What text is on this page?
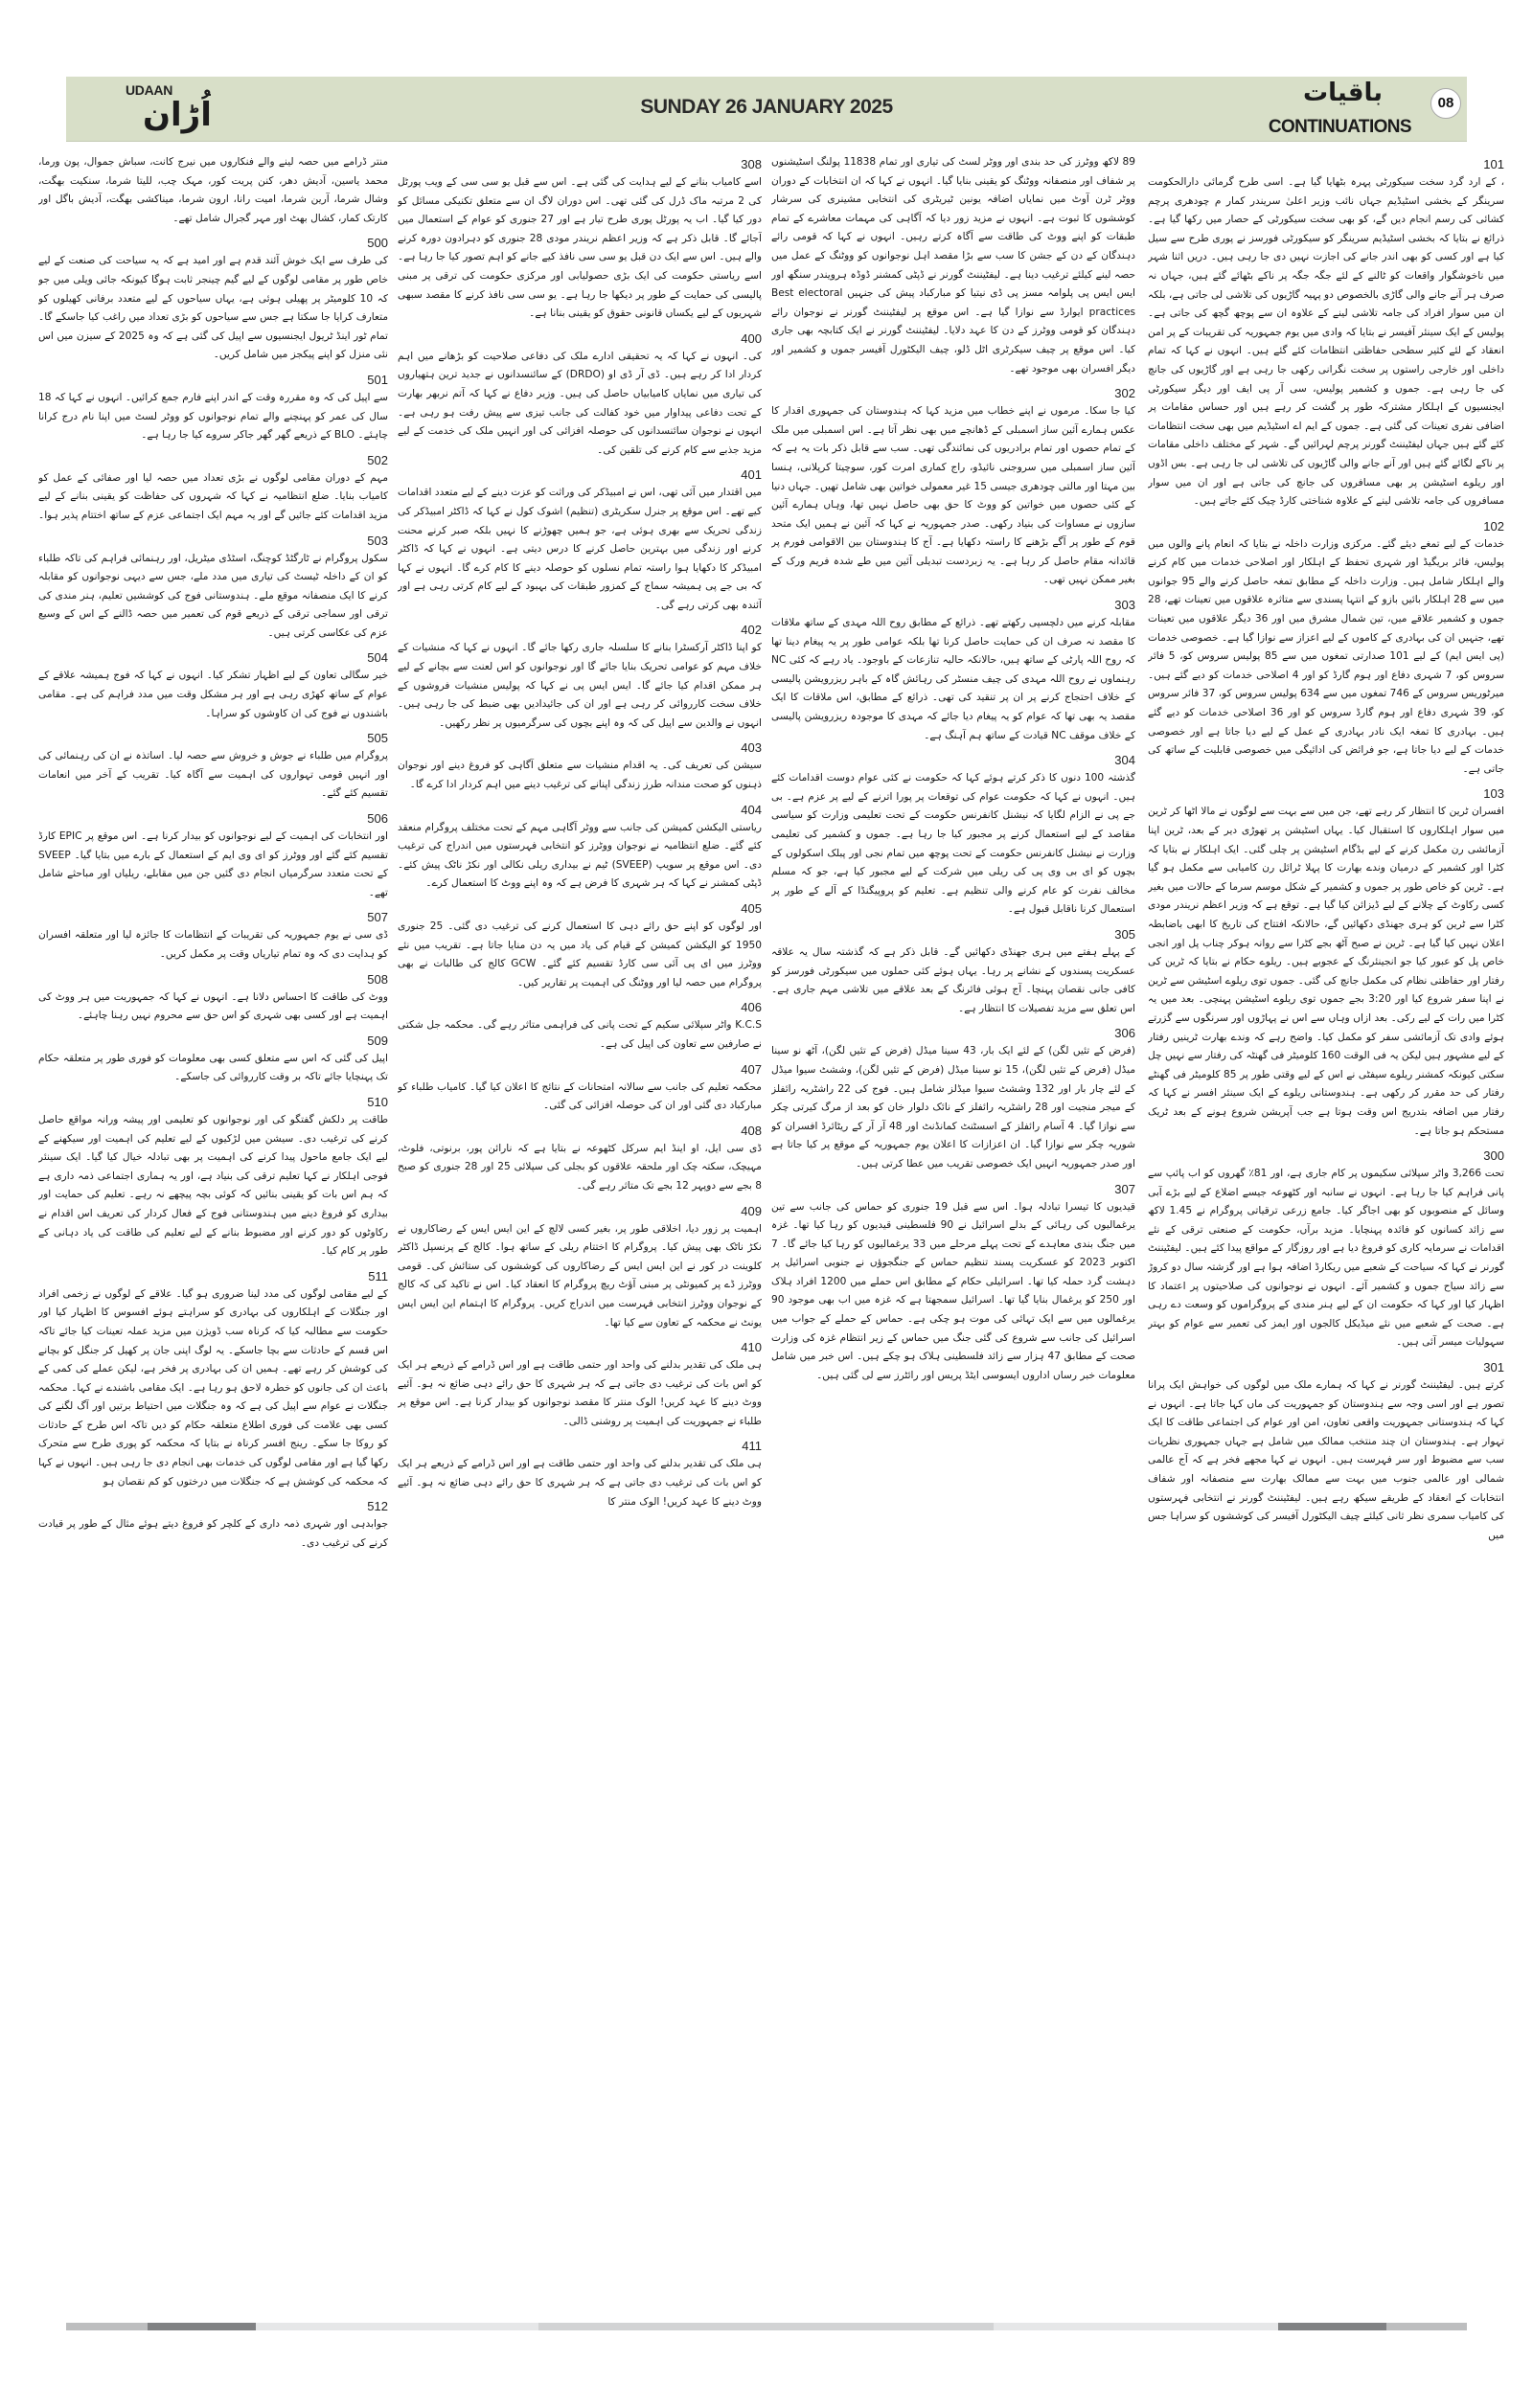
UDAAN
اُڑان	SUNDAY 26 JANUARY 2025	باقیات
CONTINUATIONS
08
101

، کے ارد گرد سخت سیکورٹی پہرہ بٹھایا گیا ہے۔ اسی طرح گرمائی دارالحکومت سرینگر کے بخشی اسٹیڈیم جہاں نائب وزیر اعلیٰ سریندر کمار م چودھری پرچم کشائی کی رسم انجام دیں گے، کو بھی سخت سیکورٹی کے حصار میں رکھا گیا ہے۔ ذرائع نے بتایا کہ بخشی اسٹیڈیم سرینگر کو سیکورٹی فورسز نے پوری طرح سے سیل کیا ہے اور کسی کو بھی اندر جانے کی اجازت نہیں دی جا رہی ہیں۔ دریں اثنا شہر میں ناخوشگوار واقعات کو ٹالنے کے لئے جگہ جگہ پر ناکے بٹھائے گئے ہیں، جہاں نہ صرف ہر آنے جانے والی گاڑی بالخصوص دو پہیہ گاڑیوں کی تلاشی لی جاتی ہے، بلکہ ان میں سوار افراد کی جامہ تلاشی لینے کے علاوہ ان سے پوچھ گچھ کی جاتی ہے۔ پولیس کے ایک سینئر آفیسر نے بتایا کہ وادی میں یوم جمہوریہ کی تقریبات کے پر امن انعقاد کے لئے کثیر سطحی حفاظتی انتظامات کئے گئے ہیں۔ انہوں نے کہا کہ تمام داخلی اور خارجی راستوں پر سخت نگرانی رکھی جا رہی ہے اور گاڑیوں کی جانچ کی جا رہی ہے۔ جموں و کشمیر پولیس، سی آر پی ایف اور دیگر سیکورٹی ایجنسیوں کے اہلکار مشترکہ طور پر گشت کر رہے ہیں اور حساس مقامات پر اضافی نفری تعینات کی گئی ہے۔ جموں کے ایم اے اسٹیڈیم میں بھی سخت انتظامات کئے گئے ہیں جہاں لیفٹیننٹ گورنر پرچم لہرائیں گے۔ شہر کے مختلف داخلی مقامات پر ناکے لگائے گئے ہیں اور آنے جانے والی گاڑیوں کی تلاشی لی جا رہی ہے۔ بس اڈوں اور ریلوے اسٹیشن پر بھی مسافروں کی جانچ کی جاتی ہے اور ان میں سوار مسافروں کی جامہ تلاشی لینے کے علاوہ شناختی کارڈ چیک کئے جاتے ہیں۔

102

خدمات کے لیے تمغے دیئے گئے۔ مرکزی وزارت داخلہ نے بتایا کہ انعام پانے والوں میں پولیس، فائر بریگیڈ اور شہری تحفظ کے اہلکار اور اصلاحی خدمات میں کام کرنے والے اہلکار شامل ہیں۔ وزارت داخلہ کے مطابق تمغہ حاصل کرنے والے 95 جوانوں میں سے 28 اہلکار بائیں بازو کے انتہا پسندی سے متاثرہ علاقوں میں تعینات تھے، 28 جموں و کشمیر علاقے میں، تین شمال مشرق میں اور 36 دیگر علاقوں میں تعینات تھے، جنہیں ان کی بہادری کے کاموں کے لیے اعزاز سے نوازا گیا ہے۔ خصوصی خدمات (پی ایس ایم) کے لیے 101 صدارتی تمغوں میں سے 85 پولیس سروس کو، 5 فائر سروس کو، 7 شہری دفاع اور ہوم گارڈ کو اور 4 اصلاحی خدمات کو دیے گئے ہیں۔ میرٹوریس سروس کے 746 تمغوں میں سے 634 پولیس سروس کو، 37 فائر سروس کو، 39 شہری دفاع اور ہوم گارڈ سروس کو اور 36 اصلاحی خدمات کو دیے گئے ہیں۔ بہادری کا تمغہ ایک نادر بہادری کے عمل کے لیے دیا جاتا ہے اور خصوصی خدمات کے لیے دیا جاتا ہے، جو فرائض کی ادائیگی میں خصوصی قابلیت کے ساتھ کی جاتی ہے۔

103

افسران ٹرین کا انتظار کر رہے تھے، جن میں سے بہت سے لوگوں نے مالا اٹھا کر ٹرین میں سوار اہلکاروں کا استقبال کیا۔ یہاں اسٹیشن پر تھوڑی دیر کے بعد، ٹرین اپنا آزمائشی رن مکمل کرنے کے لیے بڈگام اسٹیشن پر چلی گئی۔ ایک اہلکار نے بتایا کہ کٹرا اور کشمیر کے درمیان وندے بھارت کا پہلا ٹرائل رن کامیابی سے مکمل ہو گیا ہے۔ ٹرین کو خاص طور پر جموں و کشمیر کے شکل موسم سرما کے حالات میں بغیر کسی رکاوٹ کے چلانے کے لیے ڈیزائن کیا گیا ہے۔ توقع ہے کہ وزیر اعظم نریندر مودی کٹرا سے ٹرین کو ہری جھنڈی دکھائیں گے، حالانکہ افتتاح کی تاریخ کا ابھی باضابطہ اعلان نہیں کیا گیا ہے۔ ٹرین نے صبح آٹھ بجے کٹرا سے روانہ ہوکر چناب پل اور انجی خاص پل کو عبور کیا جو انجینئرنگ کے عجوبے ہیں۔ ریلوے حکام نے بتایا کہ ٹرین کی رفتار اور حفاظتی نظام کی مکمل جانچ کی گئی۔ جموں توی ریلوے اسٹیشن سے ٹرین نے اپنا سفر شروع کیا اور 3:20 بجے جموں توی ریلوے اسٹیشن پہنچی۔ بعد میں یہ کٹرا میں رات کے لیے رکی۔ بعد ازاں وہاں سے اس نے پہاڑوں اور سرنگوں سے گزرتے ہوئے وادی تک آزمائشی سفر کو مکمل کیا۔ واضح رہے کہ وندے بھارت ٹرینیں رفتار کے لیے مشہور ہیں لیکن یہ فی الوقت 160 کلومیٹر فی گھنٹہ کی رفتار سے نہیں چل سکتی کیونکہ کمشنر ریلوے سیفٹی نے اس کے لیے وقتی طور پر 85 کلومیٹر فی گھنٹے رفتار کی حد مقرر کر رکھی ہے۔ ہندوستانی ریلوے کے ایک سینئر افسر نے کہا کہ رفتار میں اضافہ بتدریج اس وقت ہوتا ہے جب آپریشن شروع ہونے کے بعد ٹریک مستحکم ہو جاتا ہے۔

300

تحت 3,266 واٹر سپلائی سکیموں پر کام جاری ہے، اور 81٪ گھروں کو اب پائپ سے پانی فراہم کیا جا رہا ہے۔ انہوں نے سانبہ اور کٹھوعہ جیسے اضلاع کے لیے بڑے آبی وسائل کے منصوبوں کو بھی اجاگر کیا۔ جامع زرعی ترقیاتی پروگرام نے 1.45 لاکھ سے زائد کسانوں کو فائدہ پہنچایا۔ مزید برآں، حکومت کے صنعتی ترقی کے نئے اقدامات نے سرمایہ کاری کو فروغ دیا ہے اور روزگار کے مواقع پیدا کئے ہیں۔ لیفٹیننٹ گورنر نے کہا کہ سیاحت کے شعبے میں ریکارڈ اضافہ ہوا ہے اور گزشتہ سال دو کروڑ سے زائد سیاح جموں و کشمیر آئے۔ انہوں نے نوجوانوں کی صلاحیتوں پر اعتماد کا اظہار کیا اور کہا کہ حکومت ان کے لیے ہنر مندی کے پروگراموں کو وسعت دے رہی ہے۔ صحت کے شعبے میں نئے میڈیکل کالجوں اور ایمز کی تعمیر سے عوام کو بہتر سہولیات میسر آئی ہیں۔

301

کرتے ہیں۔ لیفٹیننٹ گورنر نے کہا کہ ہمارے ملک میں لوگوں کی خواہش ایک پرانا تصور ہے اور اسی وجہ سے ہندوستان کو جمہوریت کی ماں کہا جاتا ہے۔ انہوں نے کہا کہ ہندوستانی جمہوریت واقعی تعاون، امن اور عوام کی اجتماعی طاقت کا ایک تہوار ہے۔ ہندوستان ان چند منتخب ممالک میں شامل ہے جہاں جمہوری نظریات سب سے مضبوط اور سر فہرست ہیں۔ انہوں نے کہا مجھے فخر ہے کہ آج عالمی شمالی اور عالمی جنوب میں بہت سے ممالک بھارت سے منصفانہ اور شفاف انتخابات کے انعقاد کے طریقے سیکھ رہے ہیں۔ لیفٹیننٹ گورنر نے انتخابی فہرستوں کی کامیاب سمری نظر ثانی کیلئے چیف الیکٹورل آفیسر کی کوششوں کو سراہا جس میں

89 لاکھ ووٹرز کی حد بندی اور ووٹر لسٹ کی تیاری اور تمام 11838 پولنگ اسٹیشنوں پر شفاف اور منصفانہ ووٹنگ کو یقینی بنایا گیا۔ انہوں نے کہا کہ ان انتخابات کے دوران ووٹر ٹرن آوٹ میں نمایاں اضافہ یونین ٹیریٹری کی انتخابی مشینری کی سرشار کوششوں کا ثبوت ہے۔ انہوں نے مزید زور دیا کہ آگاہی کی مہمات معاشرے کے تمام طبقات کو اپنے ووٹ کی طاقت سے آگاہ کرتے رہیں۔ انہوں نے کہا کہ قومی رائے دہندگان کے دن کے جشن کا سب سے بڑا مقصد اہل نوجوانوں کو ووٹنگ کے عمل میں حصہ لینے کیلئے ترغیب دینا ہے۔ لیفٹیننٹ گورنر نے ڈپٹی کمشنر ڈوڈہ ہرویندر سنگھ اور ایس ایس پی پلوامہ مسز پی ڈی نیتیا کو مبارکباد پیش کی جنہیں Best electoral practices ایوارڈ سے نوازا گیا ہے۔ اس موقع پر لیفٹیننٹ گورنر نے نوجوان رائے دہندگان کو قومی ووٹرز کے دن کا عہد دلایا۔ لیفٹیننٹ گورنر نے ایک کتابچہ بھی جاری کیا۔ اس موقع پر چیف سیکرٹری اٹل ڈلو، چیف الیکٹورل آفیسر جموں و کشمیر اور دیگر افسران بھی موجود تھے۔

302

کیا جا سکا۔ مرموں نے اپنے خطاب میں مزید کہا کہ ہندوستان کی جمہوری اقدار کا عکس ہمارے آئین ساز اسمبلی کے ڈھانچے میں بھی نظر آتا ہے۔ اس اسمبلی میں ملک کے تمام حصوں اور تمام برادریوں کی نمائندگی تھی۔ سب سے قابل ذکر بات یہ ہے کہ آئین ساز اسمبلی میں سروجنی نائیڈو، راج کماری امرت کور، سوچیتا کرپلانی، ہنسا بین مہتا اور مالتی چودھری جیسی 15 غیر معمولی خواتین بھی شامل تھیں۔ جہاں دنیا کے کئی حصوں میں خواتین کو ووٹ کا حق بھی حاصل نہیں تھا، وہاں ہمارے آئین سازوں نے مساوات کی بنیاد رکھی۔ صدر جمہوریہ نے کہا کہ آئین نے ہمیں ایک متحد قوم کے طور پر آگے بڑھنے کا راستہ دکھایا ہے۔ آج کا ہندوستان بین الاقوامی فورم پر قائدانہ مقام حاصل کر رہا ہے۔ یہ زبردست تبدیلی آئین میں طے شدہ فریم ورک کے بغیر ممکن نہیں تھی۔

303

مقابلہ کرنے میں دلچسپی رکھتے تھے۔ ذرائع کے مطابق روح اللہ مہدی کے ساتھ ملاقات کا مقصد نہ صرف ان کی حمایت حاصل کرنا تھا بلکہ عوامی طور پر یہ پیغام دینا تھا کہ روح اللہ پارٹی کے ساتھ ہیں، حالانکہ حالیہ تنازعات کے باوجود۔ یاد رہے کہ کئی NC رہنماوں نے روح اللہ مہدی کی چیف منسٹر کی رہائش گاہ کے باہر ریزرویشن پالیسی کے خلاف احتجاج کرنے پر ان پر تنقید کی تھی۔ ذرائع کے مطابق، اس ملاقات کا ایک مقصد یہ بھی تھا کہ عوام کو یہ پیغام دیا جائے کہ مہدی کا موجودہ ریزرویشن پالیسی کے خلاف موقف NC قیادت کے ساتھ ہم آہنگ ہے۔

304

گذشتہ 100 دنوں کا ذکر کرتے ہوئے کہا کہ حکومت نے کئی عوام دوست اقدامات کئے ہیں۔ انہوں نے کہا کہ حکومت عوام کی توقعات پر پورا اترنے کے لیے پر عزم ہے۔ بی جے پی نے الزام لگایا کہ نیشنل کانفرنس حکومت کے تحت تعلیمی وزارت کو سیاسی مقاصد کے لیے استعمال کرنے پر مجبور کیا جا رہا ہے۔ جموں و کشمیر کی تعلیمی وزارت نے نیشنل کانفرنس حکومت کے تحت پوچھ میں تمام نجی اور پبلک اسکولوں کے بچوں کو ای بی وی پی کی ریلی میں شرکت کے لیے مجبور کیا ہے، جو کہ مسلم مخالف نفرت کو عام کرنے والی تنظیم ہے۔ تعلیم کو پروپیگنڈا کے آلے کے طور پر استعمال کرنا ناقابل قبول ہے۔

305

کے پہلے ہفتے میں ہری جھنڈی دکھائیں گے۔ قابل ذکر ہے کہ گذشتہ سال یہ علاقہ عسکریت پسندوں کے نشانے پر رہا۔ یہاں ہوئے کئی حملوں میں سیکورٹی فورسز کو کافی جانی نقصان پہنچا۔ آج ہوئی فائرنگ کے بعد علاقے میں تلاشی مہم جاری ہے۔ اس تعلق سے مزید تفصیلات کا انتظار ہے۔

306

(فرض کے تئیں لگن) کے لئے ایک بار، 43 سینا میڈل (فرض کے تئیں لگن)، آٹھ نو سینا میڈل (فرض کے تئیں لگن)، 15 نو سینا میڈل (فرض کے تئیں لگن)، وششٹ سیوا میڈل کے لئے چار بار اور 132 وششٹ سیوا میڈلز شامل ہیں۔ فوج کی 22 راشٹریہ رائفلز کے میجر منجیت اور 28 راشٹریہ رائفلز کے نائک دلوار خان کو بعد از مرگ کیرتی چکر سے نوازا گیا۔ 4 آسام رائفلز کے اسسٹنٹ کمانڈنٹ اور 48 آر آر کے ریٹائرڈ افسران کو شوریہ چکر سے نوازا گیا۔ ان اعزازات کا اعلان یوم جمہوریہ کے موقع پر کیا جاتا ہے اور صدر جمہوریہ انہیں ایک خصوصی تقریب میں عطا کرتی ہیں۔

307

قیدیوں کا تیسرا تبادلہ ہوا۔ اس سے قبل 19 جنوری کو حماس کی جانب سے تین یرغمالیوں کی رہائی کے بدلے اسرائیل نے 90 فلسطینی قیدیوں کو رہا کیا تھا۔ غزہ میں جنگ بندی معاہدے کے تحت پہلے مرحلے میں 33 یرغمالیوں کو رہا کیا جائے گا۔ 7 اکتوبر 2023 کو عسکریت پسند تنظیم حماس کے جنگجوؤں نے جنوبی اسرائیل پر دہشت گرد حملہ کیا تھا۔ اسرائیلی حکام کے مطابق اس حملے میں 1200 افراد ہلاک اور 250 کو یرغمال بنایا گیا تھا۔ اسرائیل سمجھتا ہے کہ غزہ میں اب بھی موجود 90 یرغمالوں میں سے ایک تہائی کی موت ہو چکی ہے۔ حماس کے حملے کے جواب میں اسرائیل کی جانب سے شروع کی گئی جنگ میں حماس کے زیر انتظام غزہ کی وزارت صحت کے مطابق 47 ہزار سے زائد فلسطینی ہلاک ہو چکے ہیں۔ اس خبر میں شامل معلومات خبر رساں اداروں ایسوسی ایٹڈ پریس اور رائٹرز سے لی گئی ہیں۔

308

اسے کامیاب بنانے کے لیے ہدایت کی گئی ہے۔ اس سے قبل یو سی سی کے ویب پورٹل کی 2 مرتبہ ماک ڈرل کی گئی تھی۔ اس دوران لاگ ان سے متعلق تکنیکی مسائل کو دور کیا گیا۔ اب یہ پورٹل پوری طرح تیار ہے اور 27 جنوری کو عوام کے استعمال میں آجائے گا۔ قابل ذکر ہے کہ وزیر اعظم نریندر مودی 28 جنوری کو دہرادون دورہ کرنے والے ہیں۔ اس سے ایک دن قبل یو سی سی نافذ کیے جانے کو اہم تصور کیا جا رہا ہے۔ اسے ریاستی حکومت کی ایک بڑی حصولیابی اور مرکزی حکومت کی ترقی پر مبنی پالیسی کی حمایت کے طور پر دیکھا جا رہا ہے۔ یو سی سی نافذ کرنے کا مقصد سبھی شہریوں کے لیے یکساں قانونی حقوق کو یقینی بنانا ہے۔

400

کی۔ انہوں نے کہا کہ یہ تحقیقی ادارے ملک کی دفاعی صلاحیت کو بڑھانے میں اہم کردار ادا کر رہے ہیں۔ ڈی آر ڈی او (DRDO) کے سائنسدانوں نے جدید ترین ہتھیاروں کی تیاری میں نمایاں کامیابیاں حاصل کی ہیں۔ وزیر دفاع نے کہا کہ آتم نربھر بھارت کے تحت دفاعی پیداوار میں خود کفالت کی جانب تیزی سے پیش رفت ہو رہی ہے۔ انہوں نے نوجوان سائنسدانوں کی حوصلہ افزائی کی اور انہیں ملک کی خدمت کے لیے مزید جذبے سے کام کرنے کی تلقین کی۔

401

میں اقتدار میں آئی تھی، اس نے امبیڈکر کی وراثت کو عزت دینے کے لیے متعدد اقدامات کیے تھے۔ اس موقع پر جنرل سکریٹری (تنظیم) اشوک کول نے کہا کہ ڈاکٹر امبیڈکر کی زندگی تحریک سے بھری ہوئی ہے، جو ہمیں چھوڑنے کا نہیں بلکہ صبر کرنے محنت کرنے اور زندگی میں بہترین حاصل کرنے کا درس دیتی ہے۔ انہوں نے کہا کہ ڈاکٹر امبیڈکر کا دکھایا ہوا راستہ تمام نسلوں کو حوصلہ دینے کا کام کرے گا۔ انہوں نے کہا کہ بی جے پی ہمیشہ سماج کے کمزور طبقات کی بہبود کے لیے کام کرتی رہی ہے اور آئندہ بھی کرتی رہے گی۔

402

کو اپنا ڈاکٹر آرکسٹرا بنانے کا سلسلہ جاری رکھا جائے گا۔ انہوں نے کہا کہ منشیات کے خلاف مہم کو عوامی تحریک بنایا جائے گا اور نوجوانوں کو اس لعنت سے بچانے کے لیے ہر ممکن اقدام کیا جائے گا۔ ایس ایس پی نے کہا کہ پولیس منشیات فروشوں کے خلاف سخت کارروائی کر رہی ہے اور ان کی جائیدادیں بھی ضبط کی جا رہی ہیں۔ انہوں نے والدین سے اپیل کی کہ وہ اپنے بچوں کی سرگرمیوں پر نظر رکھیں۔

403

سیشن کی تعریف کی۔ یہ اقدام منشیات سے متعلق آگاہی کو فروغ دینے اور نوجوان ذہنوں کو صحت مندانہ طرز زندگی اپنانے کی ترغیب دینے میں اہم کردار ادا کرے گا۔

404

ریاستی الیکشن کمیشن کی جانب سے ووٹر آگاہی مہم کے تحت مختلف پروگرام منعقد کئے گئے۔ ضلع انتظامیہ نے نوجوان ووٹرز کو انتخابی فہرستوں میں اندراج کی ترغیب دی۔ اس موقع پر سویپ (SVEEP) ٹیم نے بیداری ریلی نکالی اور نکڑ ناٹک پیش کئے۔ ڈپٹی کمشنر نے کہا کہ ہر شہری کا فرض ہے کہ وہ اپنے ووٹ کا استعمال کرے۔

405

اور لوگوں کو اپنے حق رائے دہی کا استعمال کرنے کی ترغیب دی گئی۔ 25 جنوری 1950 کو الیکشن کمیشن کے قیام کی یاد میں یہ دن منایا جاتا ہے۔ تقریب میں نئے ووٹرز میں ای پی آئی سی کارڈ تقسیم کئے گئے۔ GCW کالج کی طالبات نے بھی پروگرام میں حصہ لیا اور ووٹنگ کی اہمیت پر تقاریر کیں۔

406

K.C.S واٹر سپلائی سکیم کے تحت پانی کی فراہمی متاثر رہے گی۔ محکمہ جل شکتی نے صارفین سے تعاون کی اپیل کی ہے۔

407

محکمہ تعلیم کی جانب سے سالانہ امتحانات کے نتائج کا اعلان کیا گیا۔ کامیاب طلباء کو مبارکباد دی گئی اور ان کی حوصلہ افزائی کی گئی۔

408

ڈی سی ایل، او اینڈ ایم سرکل کٹھوعہ نے بتایا ہے کہ نارائن پور، برنوتی، فلوٹ، مہیچک، سکتہ چک اور ملحقہ علاقوں کو بجلی کی سپلائی 25 اور 28 جنوری کو صبح 8 بجے سے دوپہر 12 بجے تک متاثر رہے گی۔

409

اہمیت پر زور دیا، اخلاقی طور پر، بغیر کسی لالچ کے این ایس ایس کے رضاکاروں نے نکڑ ناٹک بھی پیش کیا۔ پروگرام کا اختتام ریلی کے ساتھ ہوا۔ کالج کے پرنسپل ڈاکٹر کلوینت در کور نے این ایس ایس کے رضاکاروں کی کوششوں کی ستائش کی۔ قومی ووٹرز ڈے پر کمیونٹی پر مبنی آؤٹ ریچ پروگرام کا انعقاد کیا۔ اس نے تاکید کی کہ کالج کے نوجوان ووٹرز انتخابی فہرست میں اندراج کریں۔ پروگرام کا اہتمام این ایس ایس یونٹ نے محکمہ کے تعاون سے کیا تھا۔

410

ہی ملک کی تقدیر بدلنے کی واحد اور حتمی طاقت ہے اور اس ڈرامے کے ذریعے ہر ایک کو اس بات کی ترغیب دی جاتی ہے کہ ہر شہری کا حق رائے دہی ضائع نہ ہو۔ آئیے ووٹ دینے کا عہد کریں! الوک منتر کا مقصد نوجوانوں کو بیدار کرنا ہے۔ اس موقع پر طلباء نے جمہوریت کی اہمیت پر روشنی ڈالی۔

411

ہی ملک کی تقدیر بدلنے کی واحد اور حتمی طاقت ہے اور اس ڈرامے کے ذریعے ہر ایک کو اس بات کی ترغیب دی جاتی ہے کہ ہر شہری کا حق رائے دہی ضائع نہ ہو۔ آئیے ووٹ دینے کا عہد کریں! الوک منتر کا

منتر ڈرامے میں حصہ لینے والے فنکاروں میں نیرج کانت، سباش جموال، پون ورما، محمد یاسین، آدیش دھر، کنن پریت کور، مہک چب، للیتا شرما، سنکیت بھگت، وشال شرما، آرین شرما، امیت رانا، ارون شرما، میناکشی بھگت، آدیش باگل اور کارتک کمار، کشال بھٹ اور مہر گجرال شامل تھے۔

500

کی طرف سے ایک خوش آئند قدم ہے اور امید ہے کہ یہ سیاحت کی صنعت کے لیے خاص طور پر مقامی لوگوں کے لیے گیم چینجر ثابت ہوگا کیونکہ جائی ویلی میں جو کہ 10 کلومیٹر پر پھیلی ہوئی ہے، یہاں سیاحوں کے لیے متعدد برفانی کھیلوں کو متعارف کرایا جا سکتا ہے جس سے سیاحوں کو بڑی تعداد میں راغب کیا جاسکے گا۔ تمام ٹور اینڈ ٹریول ایجنسیوں سے اپیل کی گئی ہے کہ وہ 2025 کے سیزن میں اس نئی منزل کو اپنے پیکجز میں شامل کریں۔

501

سے اپیل کی کہ وہ مقررہ وقت کے اندر اپنے فارم جمع کرائیں۔ انہوں نے کہا کہ 18 سال کی عمر کو پہنچنے والے تمام نوجوانوں کو ووٹر لسٹ میں اپنا نام درج کرانا چاہئے۔ BLO کے ذریعے گھر گھر جاکر سروے کیا جا رہا ہے۔

502

مہم کے دوران مقامی لوگوں نے بڑی تعداد میں حصہ لیا اور صفائی کے عمل کو کامیاب بنایا۔ ضلع انتظامیہ نے کہا کہ شہروں کی حفاظت کو یقینی بنانے کے لیے مزید اقدامات کئے جائیں گے اور یہ مہم ایک اجتماعی عزم کے ساتھ اختتام پذیر ہوا۔

503

سکول پروگرام نے ٹارگٹڈ کوچنگ، اسٹڈی میٹریل، اور رہنمائی فراہم کی تاکہ طلباء کو ان کے داخلہ ٹیسٹ کی تیاری میں مدد ملے، جس سے دیہی نوجوانوں کو مقابلہ کرنے کا ایک منصفانہ موقع ملے۔ ہندوستانی فوج کی کوششیں تعلیم، ہنر مندی کی ترقی اور سماجی ترقی کے ذریعے قوم کی تعمیر میں حصہ ڈالنے کے اس کے وسیع عزم کی عکاسی کرتی ہیں۔

504

خیر سگالی تعاون کے لیے اظہار تشکر کیا۔ انہوں نے کہا کہ فوج ہمیشہ علاقے کے عوام کے ساتھ کھڑی رہی ہے اور ہر مشکل وقت میں مدد فراہم کی ہے۔ مقامی باشندوں نے فوج کی ان کاوشوں کو سراہا۔

505

پروگرام میں طلباء نے جوش و خروش سے حصہ لیا۔ اساتذہ نے ان کی رہنمائی کی اور انہیں قومی تہواروں کی اہمیت سے آگاہ کیا۔ تقریب کے آخر میں انعامات تقسیم کئے گئے۔

506

اور انتخابات کی اہمیت کے لیے نوجوانوں کو بیدار کرنا ہے۔ اس موقع پر EPIC کارڈ تقسیم کئے گئے اور ووٹرز کو ای وی ایم کے استعمال کے بارے میں بتایا گیا۔ SVEEP کے تحت متعدد سرگرمیاں انجام دی گئیں جن میں مقابلے، ریلیاں اور مباحثے شامل تھے۔

507

ڈی سی نے یوم جمہوریہ کی تقریبات کے انتظامات کا جائزہ لیا اور متعلقہ افسران کو ہدایت دی کہ وہ تمام تیاریاں وقت پر مکمل کریں۔

508

ووٹ کی طاقت کا احساس دلانا ہے۔ انہوں نے کہا کہ جمہوریت میں ہر ووٹ کی اہمیت ہے اور کسی بھی شہری کو اس حق سے محروم نہیں رہنا چاہئے۔

509

اپیل کی گئی کہ اس سے متعلق کسی بھی معلومات کو فوری طور پر متعلقہ حکام تک پہنچایا جائے تاکہ بر وقت کارروائی کی جاسکے۔

510

طاقت پر دلکش گفتگو کی اور نوجوانوں کو تعلیمی اور پیشہ ورانہ مواقع حاصل کرنے کی ترغیب دی۔ سیشن میں لڑکیوں کے لیے تعلیم کی اہمیت اور سیکھنے کے لیے ایک جامع ماحول پیدا کرنے کی اہمیت پر بھی تبادلہ خیال کیا گیا۔ ایک سینئر فوجی اہلکار نے کہا تعلیم ترقی کی بنیاد ہے، اور یہ ہماری اجتماعی ذمہ داری ہے کہ ہم اس بات کو یقینی بنائیں کہ کوئی بچہ پیچھے نہ رہے۔ تعلیم کی حمایت اور بیداری کو فروغ دینے میں ہندوستانی فوج کے فعال کردار کی تعریف اس اقدام نے رکاوٹوں کو دور کرنے اور مضبوط بنانے کے لیے تعلیم کی طاقت کی یاد دہانی کے طور پر کام کیا۔

511

کے لیے مقامی لوگوں کی مدد لینا ضروری ہو گیا۔ علاقے کے لوگوں نے زخمی افراد اور جنگلات کے اہلکاروں کی بہادری کو سراہتے ہوئے افسوس کا اظہار کیا اور حکومت سے مطالبہ کیا کہ کرناہ سب ڈویژن میں مزید عملہ تعینات کیا جائے تاکہ اس قسم کے حادثات سے بچا جاسکے۔ یہ لوگ اپنی جان پر کھیل کر جنگل کو بچانے کی کوشش کر رہے تھے۔ ہمیں ان کی بہادری پر فخر ہے، لیکن عملے کی کمی کے باعث ان کی جانوں کو خطرہ لاحق ہو رہا ہے۔ ایک مقامی باشندے نے کہا۔ محکمہ جنگلات نے عوام سے اپیل کی ہے کہ وہ جنگلات میں احتیاط برتیں اور آگ لگنے کی کسی بھی علامت کی فوری اطلاع متعلقہ حکام کو دیں تاکہ اس طرح کے حادثات کو روکا جا سکے۔ رینج افسر کرناہ نے بتایا کہ محکمہ کو پوری طرح سے متحرک رکھا گیا ہے اور مقامی لوگوں کی خدمات بھی انجام دی جا رہی ہیں۔ انہوں نے کہا کہ محکمہ کی کوشش ہے کہ جنگلات میں درختوں کو کم نقصان ہو

512

جوابدہی اور شہری ذمہ داری کے کلچر کو فروغ دیتے ہوئے مثال کے طور پر قیادت کرنے کی ترغیب دی۔
